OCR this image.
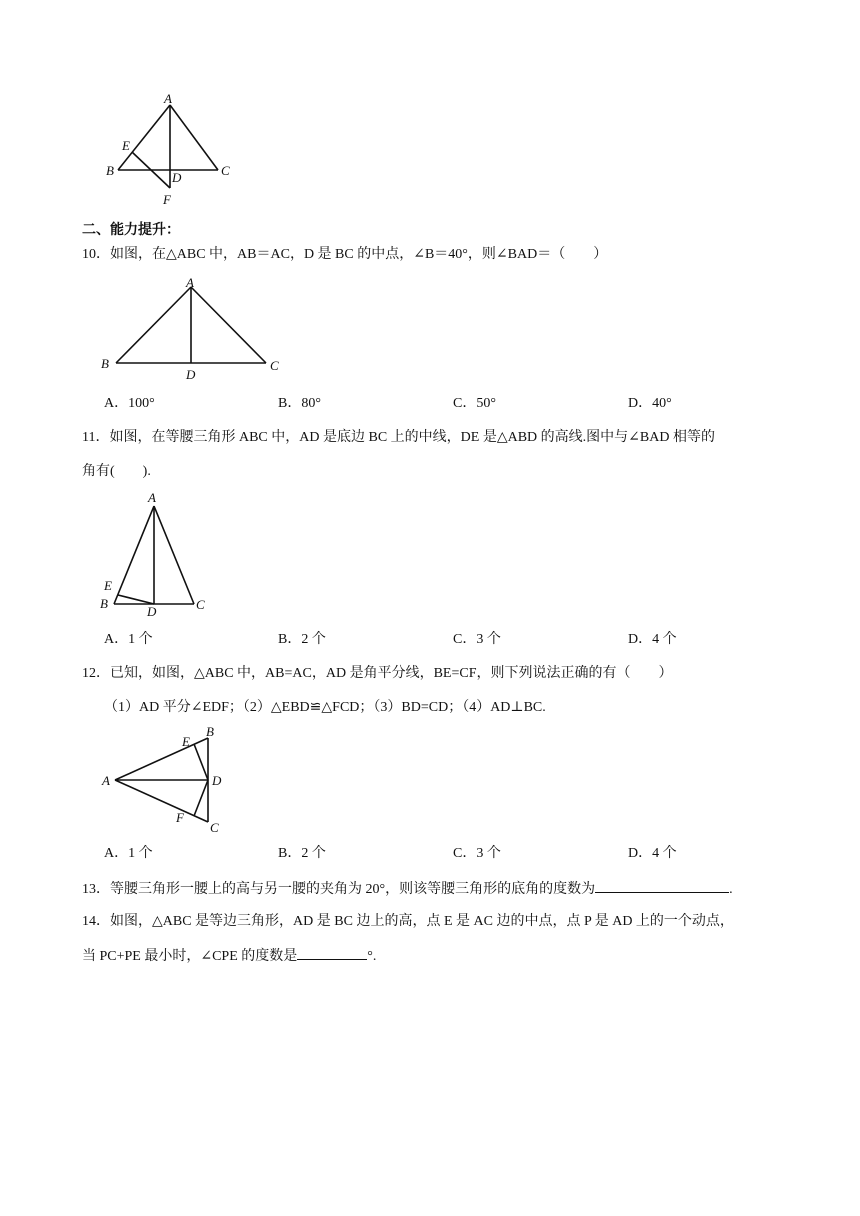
A
B	C
D
E
F
二、能力提升：
10．如图，在△ABC 中，AB＝AC，D 是 BC 的中点，∠B＝40°，则∠BAD＝（　　）
A
B	C
D
A．100°	B．80°	C．50°	D．40°
11．如图，在等腰三角形 ABC 中，AD 是底边 BC 上的中线，DE 是△ABD 的高线.图中与∠BAD 相等的
角有(　　).
A
E
B
D	C
A．1 个	B．2 个	C．3 个	D．4 个
12．已知，如图，△ABC 中，AB=AC，AD 是角平分线，BE=CF，则下列说法正确的有（　　）
（1）AD 平分∠EDF；（2）△EBD≌△FCD；（3）BD=CD；（4）AD⊥BC.
A
B
E
D
F
C
A．1 个	B．2 个	C．3 个	D．4 个
13．等腰三角形一腰上的高与另一腰的夹角为 20°，则该等腰三角形的底角的度数为	.
14．如图，△ABC 是等边三角形，AD 是 BC 边上的高，点 E 是 AC 边的中点，点 P 是 AD 上的一个动点，
当 PC+PE 最小时，∠CPE 的度数是	°.
